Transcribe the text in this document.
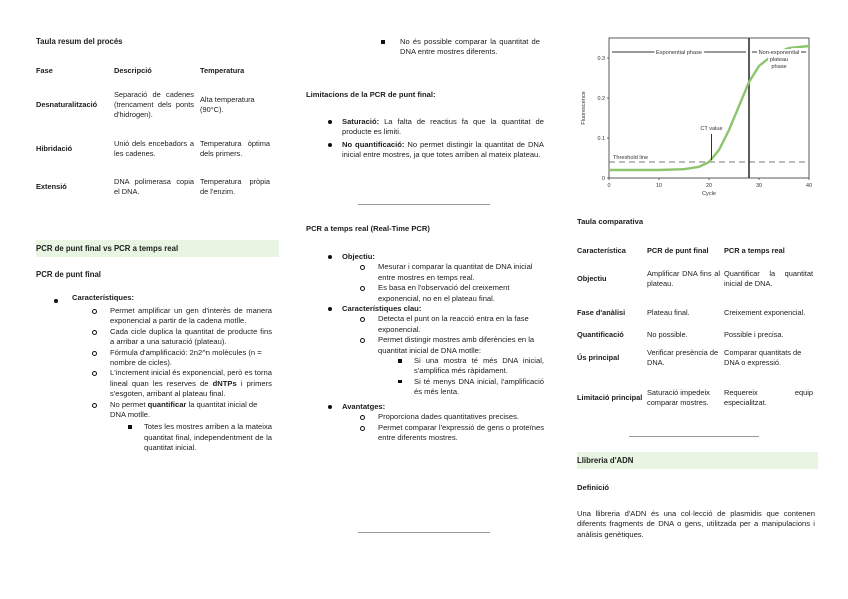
Taula resum del procés
Fase	Descripció	Temperatura
Desnaturalització	Separació de cadenes (trencament dels ponts d'hidrogen).	Alta temperatura (90°C).
Hibridació	Unió dels encebadors a les cadenes.	Temperatura òptima dels primers.
Extensió	DNA polimerasa copia el DNA.	Temperatura pròpia de l'enzim.
PCR de punt final vs PCR a temps real
PCR de punt final
Característiques:
Permet amplificar un gen d'interès de manera exponencial a partir de la cadena motlle.
Cada cicle duplica la quantitat de producte fins a arribar a una saturació (plateau).
Fórmula d'amplificació: 2n2^n molècules (n = nombre de cicles).
L'increment inicial és exponencial, però es torna lineal quan les reserves de dNTPs i primers s'esgoten, arribant al plateau final.
No permet quantificar la quantitat inicial de DNA motlle.
Totes les mostres arriben a la mateixa quantitat final, independentment de la quantitat inicial.
No és possible comparar la quantitat de DNA entre mostres diferents.
Limitacions de la PCR de punt final:
Saturació: La falta de reactius fa que la quantitat de producte es limiti.
No quantificació: No permet distingir la quantitat de DNA inicial entre mostres, ja que totes arriben al mateix plateau.
PCR a temps real (Real-Time PCR)
Objectiu:
Mesurar i comparar la quantitat de DNA inicial entre mostres en temps real.
Es basa en l'observació del creixement exponencial, no en el plateau final.
Característiques clau:
Detecta el punt on la reacció entra en la fase exponencial.
Permet distingir mostres amb diferències en la quantitat inicial de DNA motlle:
Si una mostra té més DNA inicial, s'amplifica més ràpidament.
Si té menys DNA inicial, l'amplificació és més lenta.
Avantatges:
Proporciona dades quantitatives precises.
Permet comparar l'expressió de gens o proteïnes entre diferents mostres.
0
0.1
0.2
0.3
0	10	20	30	40
Exponential phase	Non-exponential plateau phase
Threshold line
CT value
Cycle
Fluorescence
Taula comparativa
Característica	PCR de punt final	PCR a temps real
Objectiu	Amplificar DNA fins al plateau.	Quantificar la quantitat inicial de DNA.
Fase d'anàlisi	Plateau final.	Creixement exponencial.
Quantificació	No possible.	Possible i precisa.
Ús principal	Verificar presència de DNA.	Comparar quantitats de DNA o expressió.
Limitació principal	Saturació impedeix comparar mostres.	Requereix equip especialitzat.
Llibreria d'ADN
Definició
Una llibreria d'ADN és una col·lecció de plasmidis que contenen diferents fragments de DNA o gens, utilitzada per a manipulacions i anàlisis genètiques.
